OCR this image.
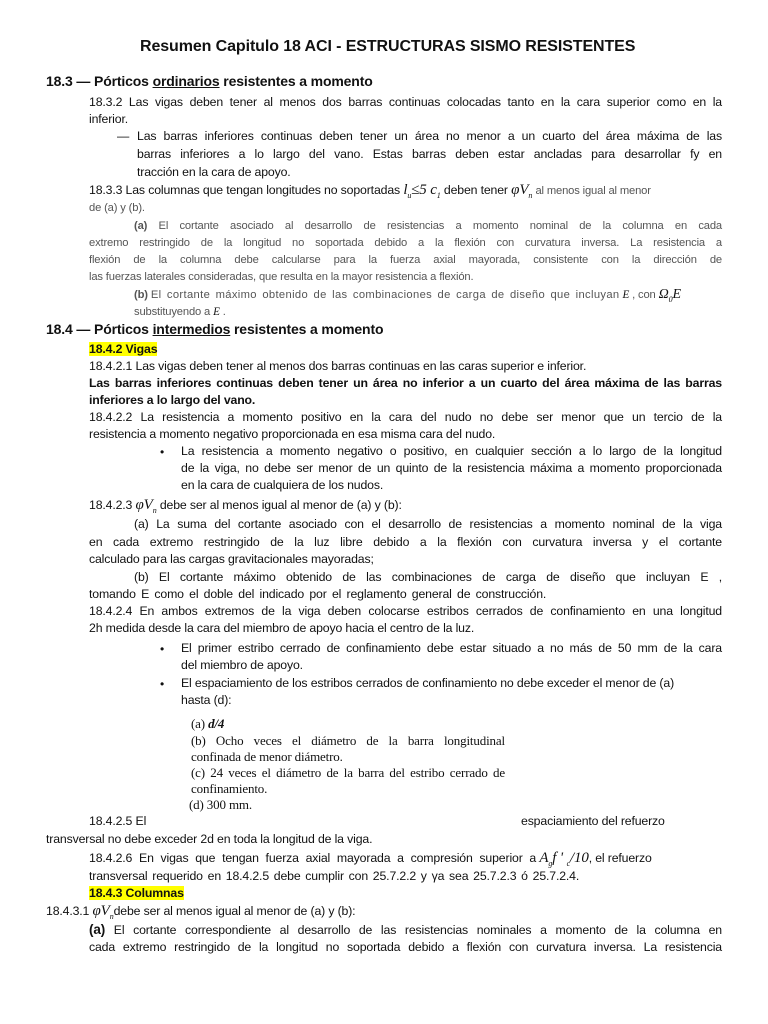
Resumen Capitulo 18 ACI - ESTRUCTURAS SISMO RESISTENTES
18.3 — Pórticos ordinarios resistentes a momento
18.3.2 Las vigas deben tener al menos dos barras continuas colocadas tanto en la cara superior como en la
inferior.
— Las barras inferiores continuas deben tener un área no menor a un cuarto del área máxima de las
barras inferiores a lo largo del vano. Estas barras deben estar ancladas para desarrollar fy en
tracción en la cara de apoyo.
18.3.3 Las columnas que tengan longitudes no soportadas $l_u\le 5$ $c_1$ deben tener $\varphi V_n$ al menos igual al menor
de (a) y (b).
(a) El cortante asociado al desarrollo de resistencias a momento nominal de la columna en cada
extremo restringido de la longitud no soportada debido a la flexión con curvatura inversa. La resistencia a
flexión de la columna debe calcularse para la fuerza axial mayorada, consistente con la dirección de
las fuerzas laterales consideradas, que resulta en la mayor resistencia a flexión.
(b) El cortante máximo obtenido de las combinaciones de carga de diseño que incluyan E , con $\Omega_0E$
substituyendo a E .
18.4 — Pórticos intermedios resistentes a momento
18.4.2 Vigas
18.4.2.1 Las vigas deben tener al menos dos barras continuas en las caras superior e inferior.
Las barras inferiores continuas deben tener un área no inferior a un cuarto del área máxima de las barras
inferiores a lo largo del vano.
18.4.2.2 La resistencia a momento positivo en la cara del nudo no debe ser menor que un tercio de la
resistencia a momento negativo proporcionada en esa misma cara del nudo.
• La resistencia a momento negativo o positivo, en cualquier sección a lo largo de la longitud
de la viga, no debe ser menor de un quinto de la resistencia máxima a momento proporcionada
en la cara de cualquiera de los nudos.
18.4.2.3 $\varphi V_n$ debe ser al menos igual al menor de (a) y (b):
(a) La suma del cortante asociado con el desarrollo de resistencias a momento nominal de la viga
en cada extremo restringido de la luz libre debido a la flexión con curvatura inversa y el cortante
calculado para las cargas gravitacionales mayoradas;
(b) El cortante máximo obtenido de las combinaciones de carga de diseño que incluyan E ,
tomando E como el doble del indicado por el reglamento general de construcción.
18.4.2.4 En ambos extremos de la viga deben colocarse estribos cerrados de confinamiento en una longitud
2h medida desde la cara del miembro de apoyo hacia el centro de la luz.
• El primer estribo cerrado de confinamiento debe estar situado a no más de 50 mm de la cara
del miembro de apoyo.
• El espaciamiento de los estribos cerrados de confinamiento no debe exceder el menor de (a)
hasta (d):
(a) d/4
(b) Ocho veces el diámetro de la barra longitudinal
confinada de menor diámetro.
(c) 24 veces el diámetro de la barra del estribo cerrado de
confinamiento.
(d) 300 mm.
18.4.2.5 El	espaciamiento del refuerzo
transversal no debe exceder 2d en toda la longitud de la viga.
18.4.2.6 En vigas que tengan fuerza axial mayorada a compresión superior a $A_gf$ ' $_c$/10, el refuerzo
transversal requerido en 18.4.2.5 debe cumplir con 25.7.2.2 y γa sea 25.7.2.3 ó 25.7.2.4.
18.4.3 Columnas
18.4.3.1 $\varphi V_ndebe$ ser al menos igual al menor de (a) y (b):
(a) El cortante correspondiente al desarrollo de las resistencias nominales a momento de la columna en
cada extremo restringido de la longitud no soportada debido a flexión con curvatura inversa. La resistencia
